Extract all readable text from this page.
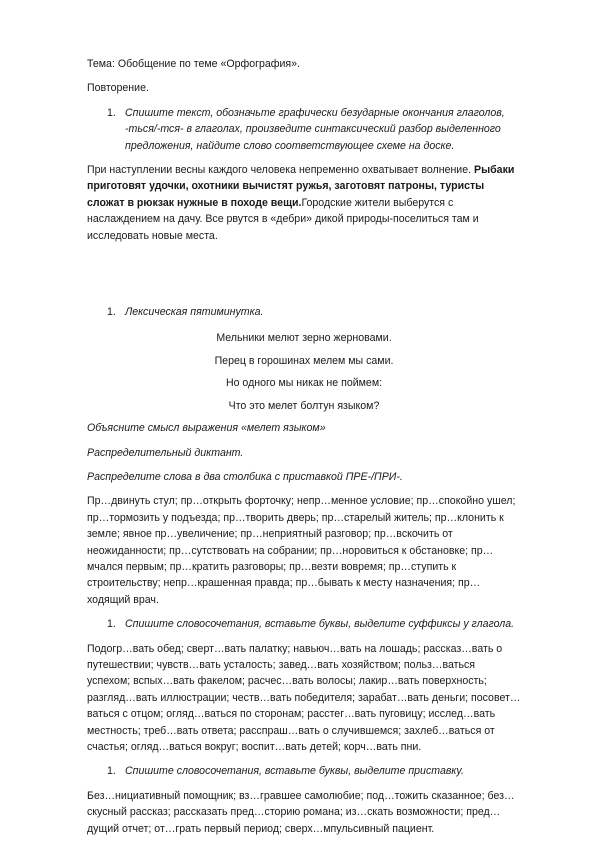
Тема: Обобщение по теме «Орфография».

Повторение.

1. Спишите текст, обозначьте графически безударные окончания глаголов, -ться/-тся- в глаголах, произведите синтаксический разбор выделенного предложения, найдите слово соответствующее схеме на доске.

При наступлении весны каждого человека непременно охватывает волнение. Рыбаки приготовят удочки, охотники вычистят ружья, заготовят патроны, туристы сложат в рюкзак нужные в походе вещи.Городские жители выберутся с наслаждением на дачу. Все рвутся в «дебри» дикой природы-поселиться там и исследовать новые места.

1. Лексическая пятиминутка.

Мельники мелют зерно жерновами.

Перец в горошинах мелем мы сами.

Но одного мы никак не поймем:

Что это мелет болтун языком?

Объясните смысл выражения «мелет языком»

Распределительный диктант.

Распределите слова в два столбика с приставкой ПРЕ-/ПРИ-.

Пр…двинуть стул; пр…открыть форточку; непр…менное условие; пр…спокойно ушел; пр…тормозить у подъезда; пр…творить дверь; пр…старелый житель; пр…клонить к земле; явное пр…увеличение; пр…неприятный разговор; пр…вскочить от неожиданности; пр…сутствовать на собрании; пр…норовиться к обстановке; пр…мчался первым; пр…кратить разговоры; пр…везти вовремя; пр…ступить к строительству; непр…крашенная правда; пр…бывать к месту назначения; пр…ходящий врач.

1. Спишите словосочетания, вставьте буквы, выделите суффиксы у глагола.

Подогр…вать обед; сверт…вать палатку; навьюч…вать на лошадь; рассказ…вать о путешествии; чувств…вать усталость; завед…вать хозяйством; польз…ваться успехом; вспых…вать факелом; расчес…вать волосы; лакир…вать поверхность; разгляд…вать иллюстрации; честв…вать победителя; зарабат…вать деньги; посовет…ваться с отцом; огляд…ваться по сторонам; расстег…вать пуговицу; исслед…вать местность; треб…вать ответа; расспраш…вать о случившемся; захлеб…ваться от счастья; огляд…ваться вокруг; воспит…вать детей; корч…вать пни.

1. Спишите словосочетания, вставьте буквы, выделите приставку.

Без…нициативный помощник; вз…гравшее самолюбие; под…тожить сказанное; без…скусный рассказ; рассказать пред…сторию романа; из…скать возможности; пред…дущий отчет; от…грать первый период; сверх…мпульсивный пациент.
